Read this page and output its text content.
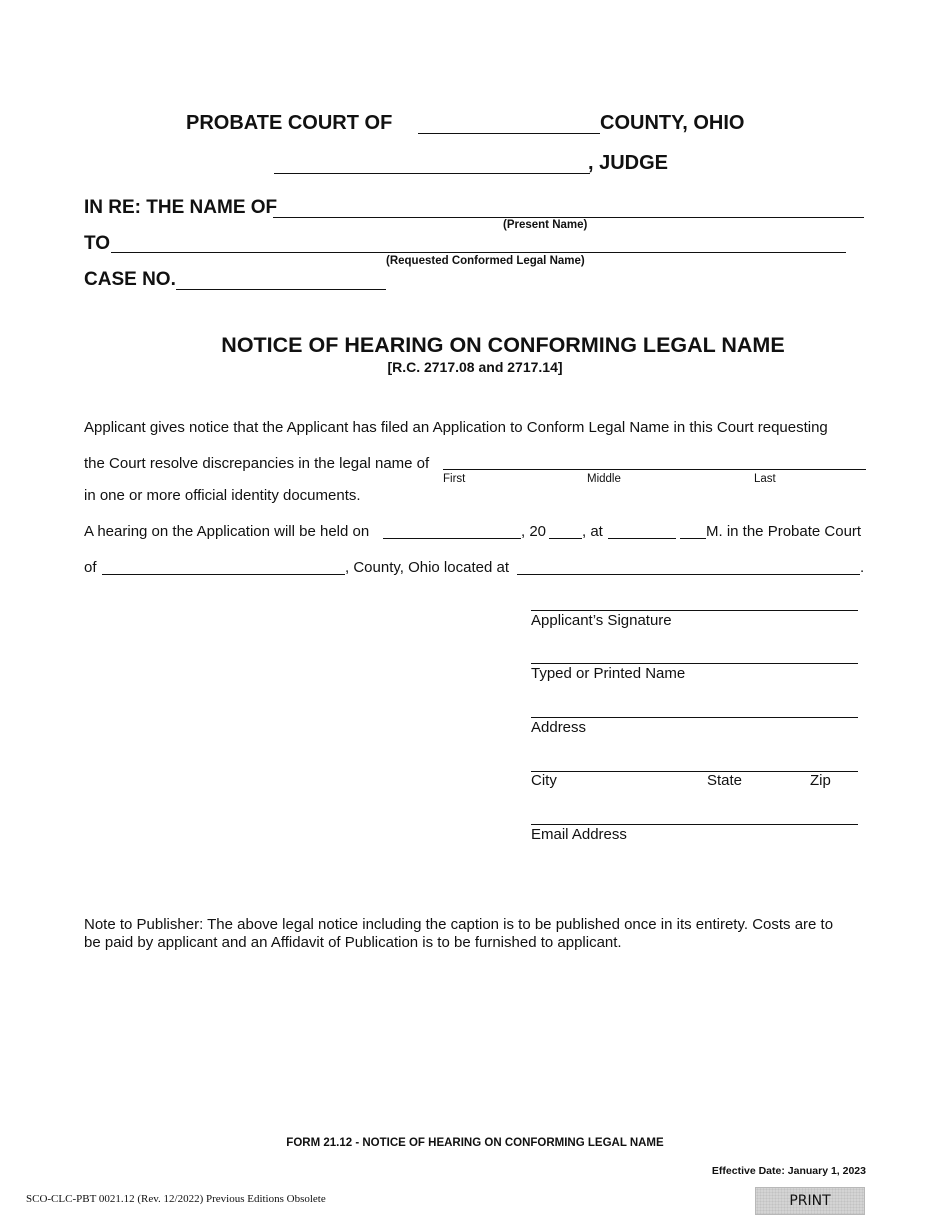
PROBATE COURT OF	COUNTY, OHIO
, JUDGE
IN RE: THE NAME OF
(Present Name)
TO
(Requested Conformed Legal Name)
CASE NO.
NOTICE OF HEARING ON CONFORMING LEGAL NAME
[R.C. 2717.08 and 2717.14]
Applicant gives notice that the Applicant has filed an Application to Conform Legal Name in this Court requesting
the Court resolve discrepancies in the legal name of
First	Middle	Last
in one or more official identity documents.
A hearing on the Application will be held on	, 20 , at	M. in the Probate Court
of	, County, Ohio located at	.
Applicant’s Signature
Typed or Printed Name
Address
City	State	Zip
Email Address
Note to Publisher: The above legal notice including the caption is to be published once in its entirety. Costs are to
be paid by applicant and an Affidavit of Publication is to be furnished to applicant.
FORM 21.12 - NOTICE OF HEARING ON CONFORMING LEGAL NAME
Effective Date: January 1, 2023
SCO-CLC-PBT 0021.12 (Rev. 12/2022) Previous Editions Obsolete	PRINT
